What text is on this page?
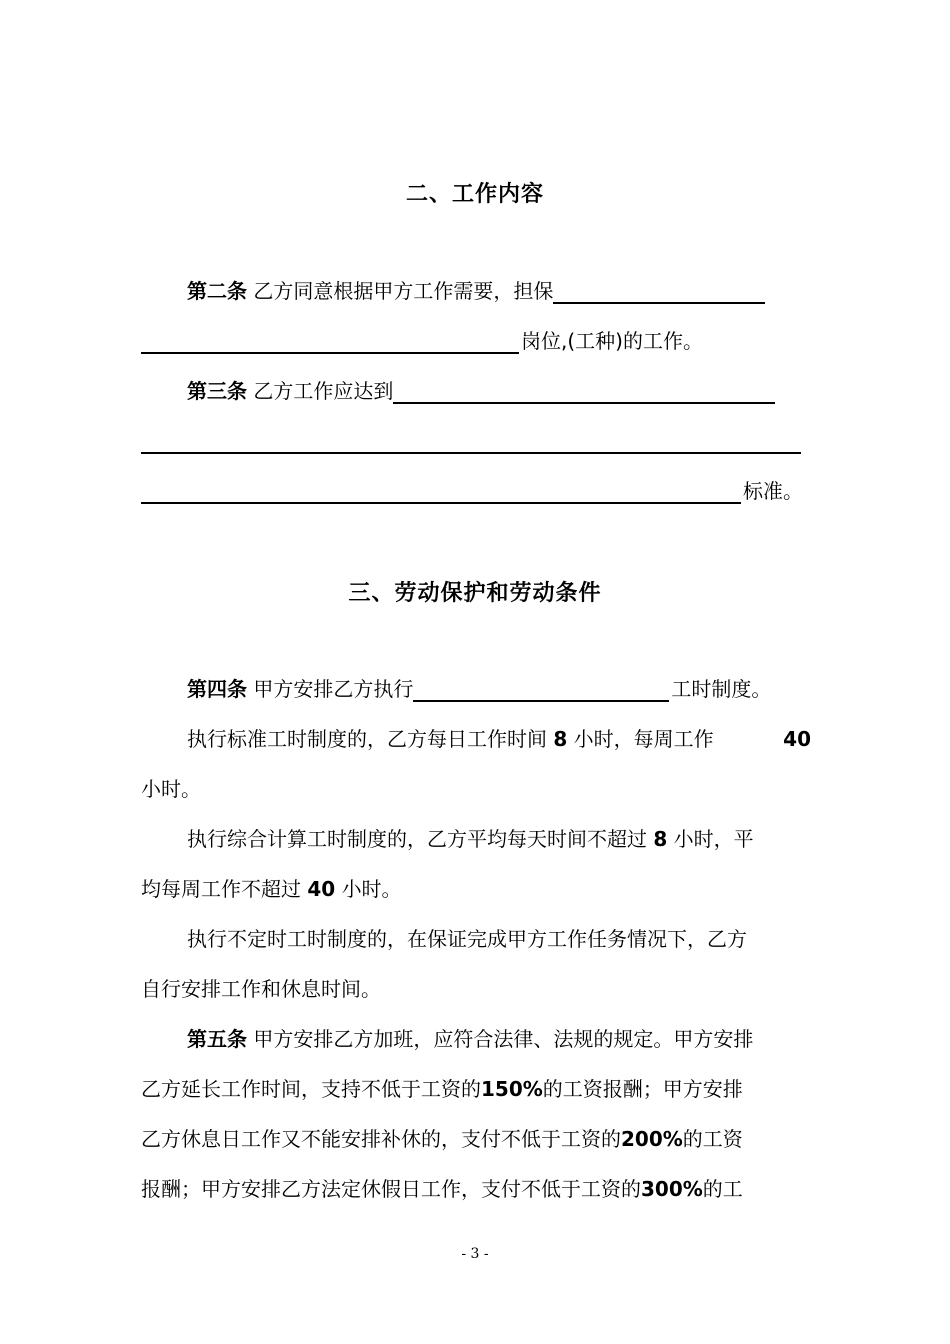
二、工作内容
第二条 乙方同意根据甲方工作需要，担保
岗位,(工种)的工作。
第三条 乙方工作应达到
标准。
三、劳动保护和劳动条件
第四条 甲方安排乙方执行	工时制度。
执行标准工时制度的，乙方每日工作时间 8 小时，每周工作	40
小时。
执行综合计算工时制度的，乙方平均每天时间不超过 8 小时，平
均每周工作不超过 40 小时。
执行不定时工时制度的，在保证完成甲方工作任务情况下，乙方
自行安排工作和休息时间。
第五条 甲方安排乙方加班，应符合法律、法规的规定。甲方安排
乙方延长工作时间，支持不低于工资的150%的工资报酬；甲方安排
乙方休息日工作又不能安排补休的，支付不低于工资的200%的工资
报酬；甲方安排乙方法定休假日工作，支付不低于工资的300%的工
- 3 -
